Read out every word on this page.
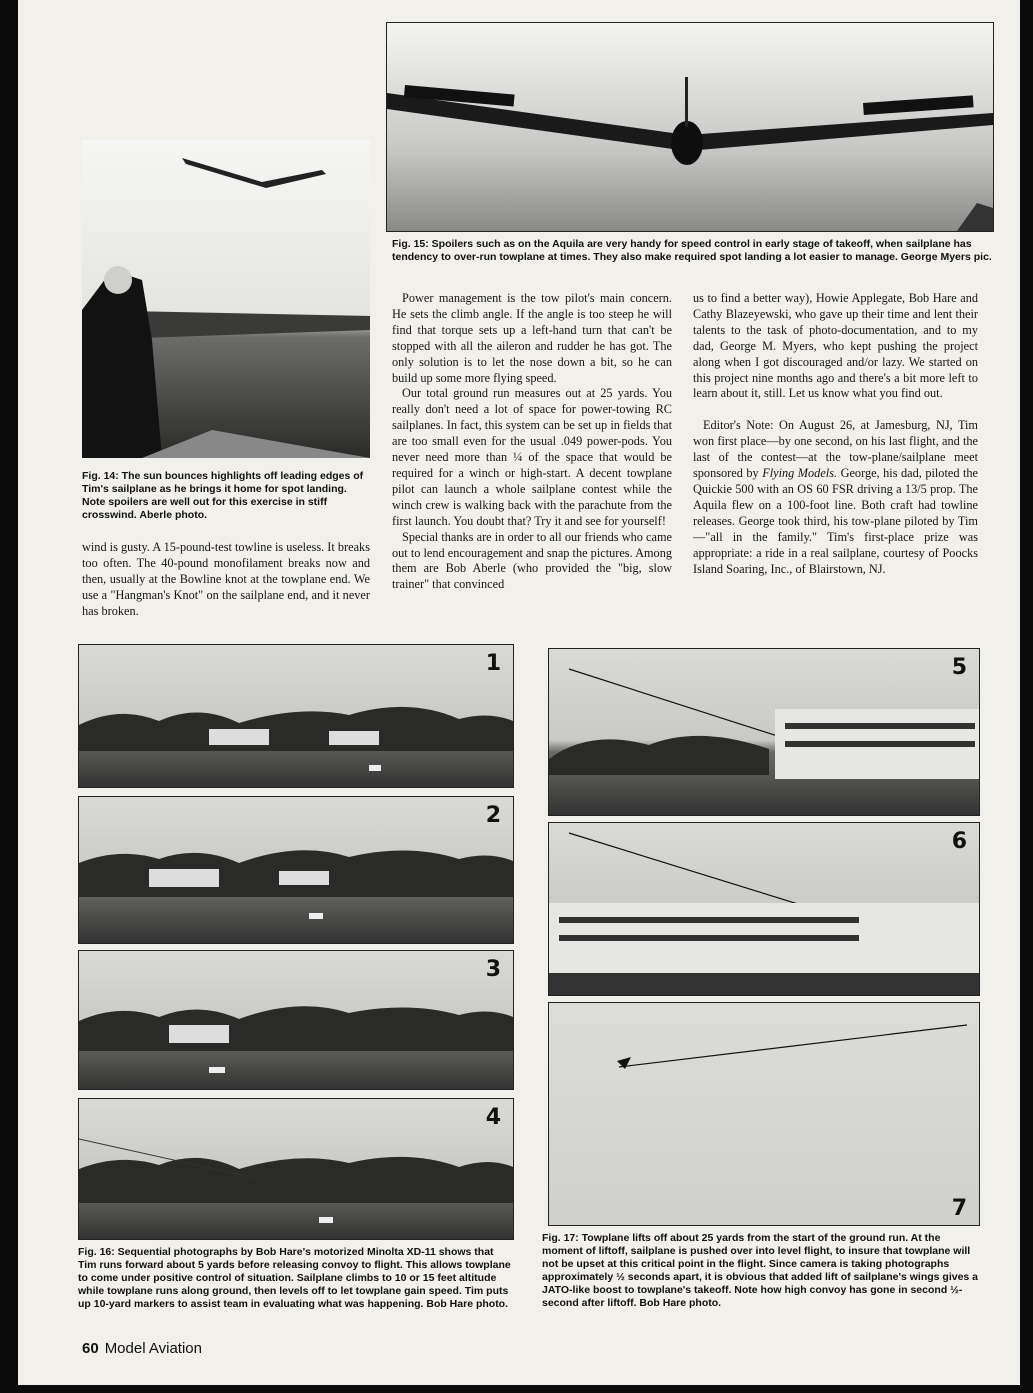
Fig. 15: Spoilers such as on the Aquila are very handy for speed control in early stage of takeoff, when sailplane has tendency to over-run towplane at times. They also make required spot landing a lot easier to manage. George Myers pic.

Fig. 14: The sun bounces highlights off leading edges of Tim's sailplane as he brings it home for spot landing. Note spoilers are well out for this exercise in stiff crosswind. Aberle photo.

wind is gusty. A 15-pound-test towline is useless. It breaks too often. The 40-pound monofilament breaks now and then, usually at the Bowline knot at the towplane end. We use a "Hangman's Knot" on the sailplane end, and it never has broken.

Power management is the tow pilot's main concern. He sets the climb angle. If the angle is too steep he will find that torque sets up a left-hand turn that can't be stopped with all the aileron and rudder he has got. The only solution is to let the nose down a bit, so he can build up some more flying speed.

Our total ground run measures out at 25 yards. You really don't need a lot of space for power-towing RC sailplanes. In fact, this system can be set up in fields that are too small even for the usual .049 power-pods. You never need more than ¼ of the space that would be required for a winch or high-start. A decent towplane pilot can launch a whole sailplane contest while the winch crew is walking back with the parachute from the first launch. You doubt that? Try it and see for yourself!

Special thanks are in order to all our friends who came out to lend encouragement and snap the pictures. Among them are Bob Aberle (who provided the "big, slow trainer" that convinced

us to find a better way), Howie Applegate, Bob Hare and Cathy Blazeyewski, who gave up their time and lent their talents to the task of photo-documentation, and to my dad, George M. Myers, who kept pushing the project along when I got discouraged and/or lazy. We started on this project nine months ago and there's a bit more left to learn about it, still. Let us know what you find out.

Editor's Note: On August 26, at Jamesburg, NJ, Tim won first place—by one second, on his last flight, and the last of the contest—at the tow-plane/sailplane meet sponsored by Flying Models. George, his dad, piloted the Quickie 500 with an OS 60 FSR driving a 13/5 prop. The Aquila flew on a 100-foot line. Both craft had towline releases. George took third, his tow-plane piloted by Tim—"all in the family." Tim's first-place prize was appropriate: a ride in a real sailplane, courtesy of Poocks Island Soaring, Inc., of Blairstown, NJ.

1
2
3
4

Fig. 16: Sequential photographs by Bob Hare's motorized Minolta XD-11 shows that Tim runs forward about 5 yards before releasing convoy to flight. This allows towplane to come under positive control of situation. Sailplane climbs to 10 or 15 feet altitude while towplane runs along ground, then levels off to let towplane gain speed. Tim puts up 10-yard markers to assist team in evaluating what was happening. Bob Hare photo.

5
6
7

Fig. 17: Towplane lifts off about 25 yards from the start of the ground run. At the moment of liftoff, sailplane is pushed over into level flight, to insure that towplane will not be upset at this critical point in the flight. Since camera is taking photographs approximately ½ seconds apart, it is obvious that added lift of sailplane's wings gives a JATO-like boost to towplane's takeoff. Note how high convoy has gone in second ½-second after liftoff. Bob Hare photo.

60 Model Aviation
